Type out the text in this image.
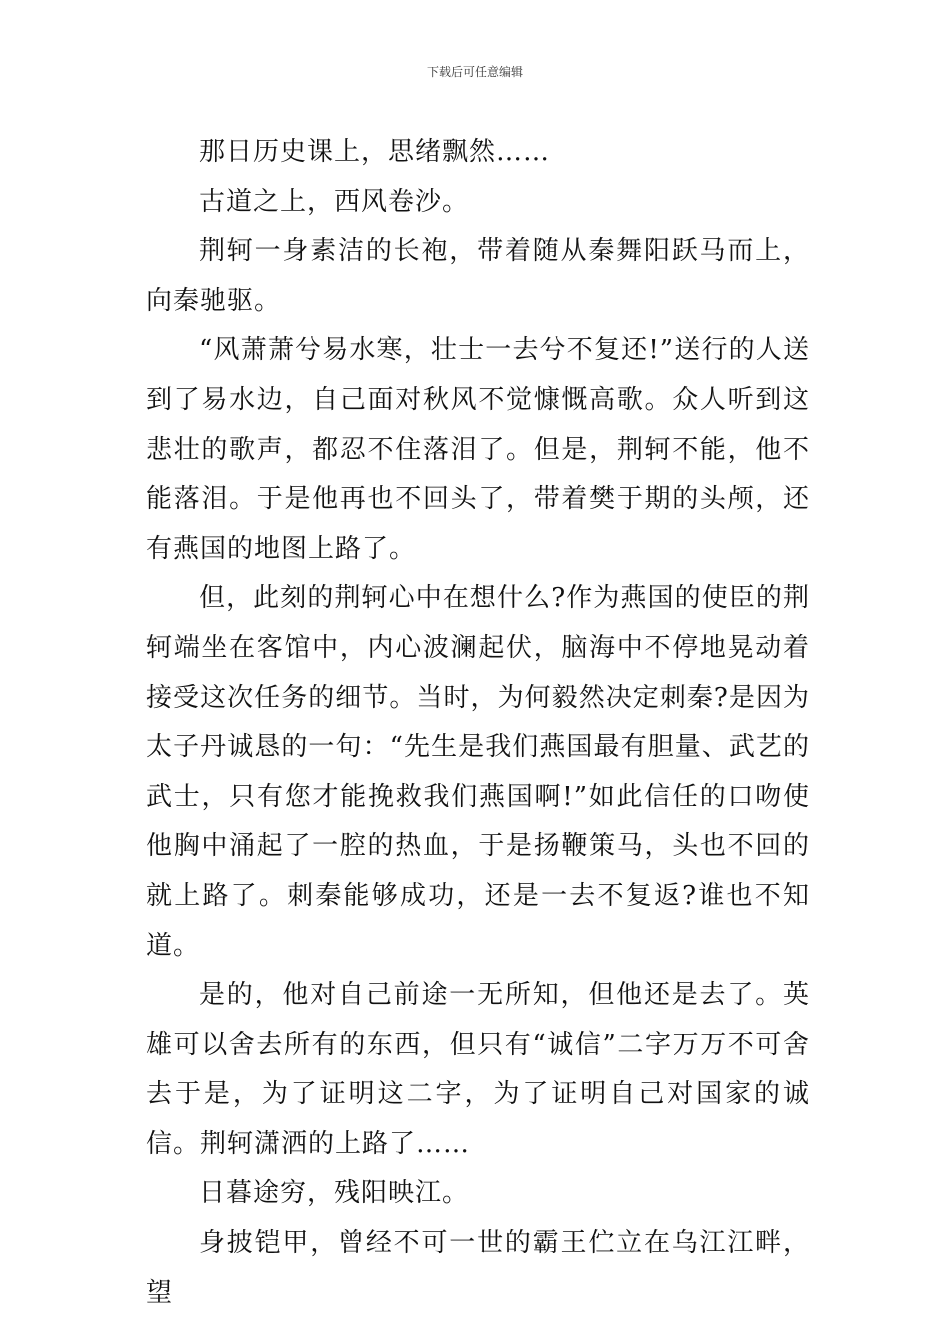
下载后可任意编辑

那日历史课上，思绪飘然……

古道之上，西风卷沙。

荆轲一身素洁的长袍，带着随从秦舞阳跃马而上，向秦驰驱。

“风萧萧兮易水寒，壮士一去兮不复还!”送行的人送到了易水边，自己面对秋风不觉慷慨高歌。众人听到这悲壮的歌声，都忍不住落泪了。但是，荆轲不能，他不能落泪。于是他再也不回头了，带着樊于期的头颅，还有燕国的地图上路了。

但，此刻的荆轲心中在想什么?作为燕国的使臣的荆轲端坐在客馆中，内心波澜起伏，脑海中不停地晃动着接受这次任务的细节。当时，为何毅然决定刺秦?是因为太子丹诚恳的一句：“先生是我们燕国最有胆量、武艺的武士，只有您才能挽救我们燕国啊!”如此信任的口吻使他胸中涌起了一腔的热血，于是扬鞭策马，头也不回的就上路了。刺秦能够成功，还是一去不复返?谁也不知道。

是的，他对自己前途一无所知，但他还是去了。英雄可以舍去所有的东西，但只有“诚信”二字万万不可舍去于是，为了证明这二字，为了证明自己对国家的诚信。荆轲潇洒的上路了……

日暮途穷，残阳映江。

身披铠甲，曾经不可一世的霸王伫立在乌江江畔，望
